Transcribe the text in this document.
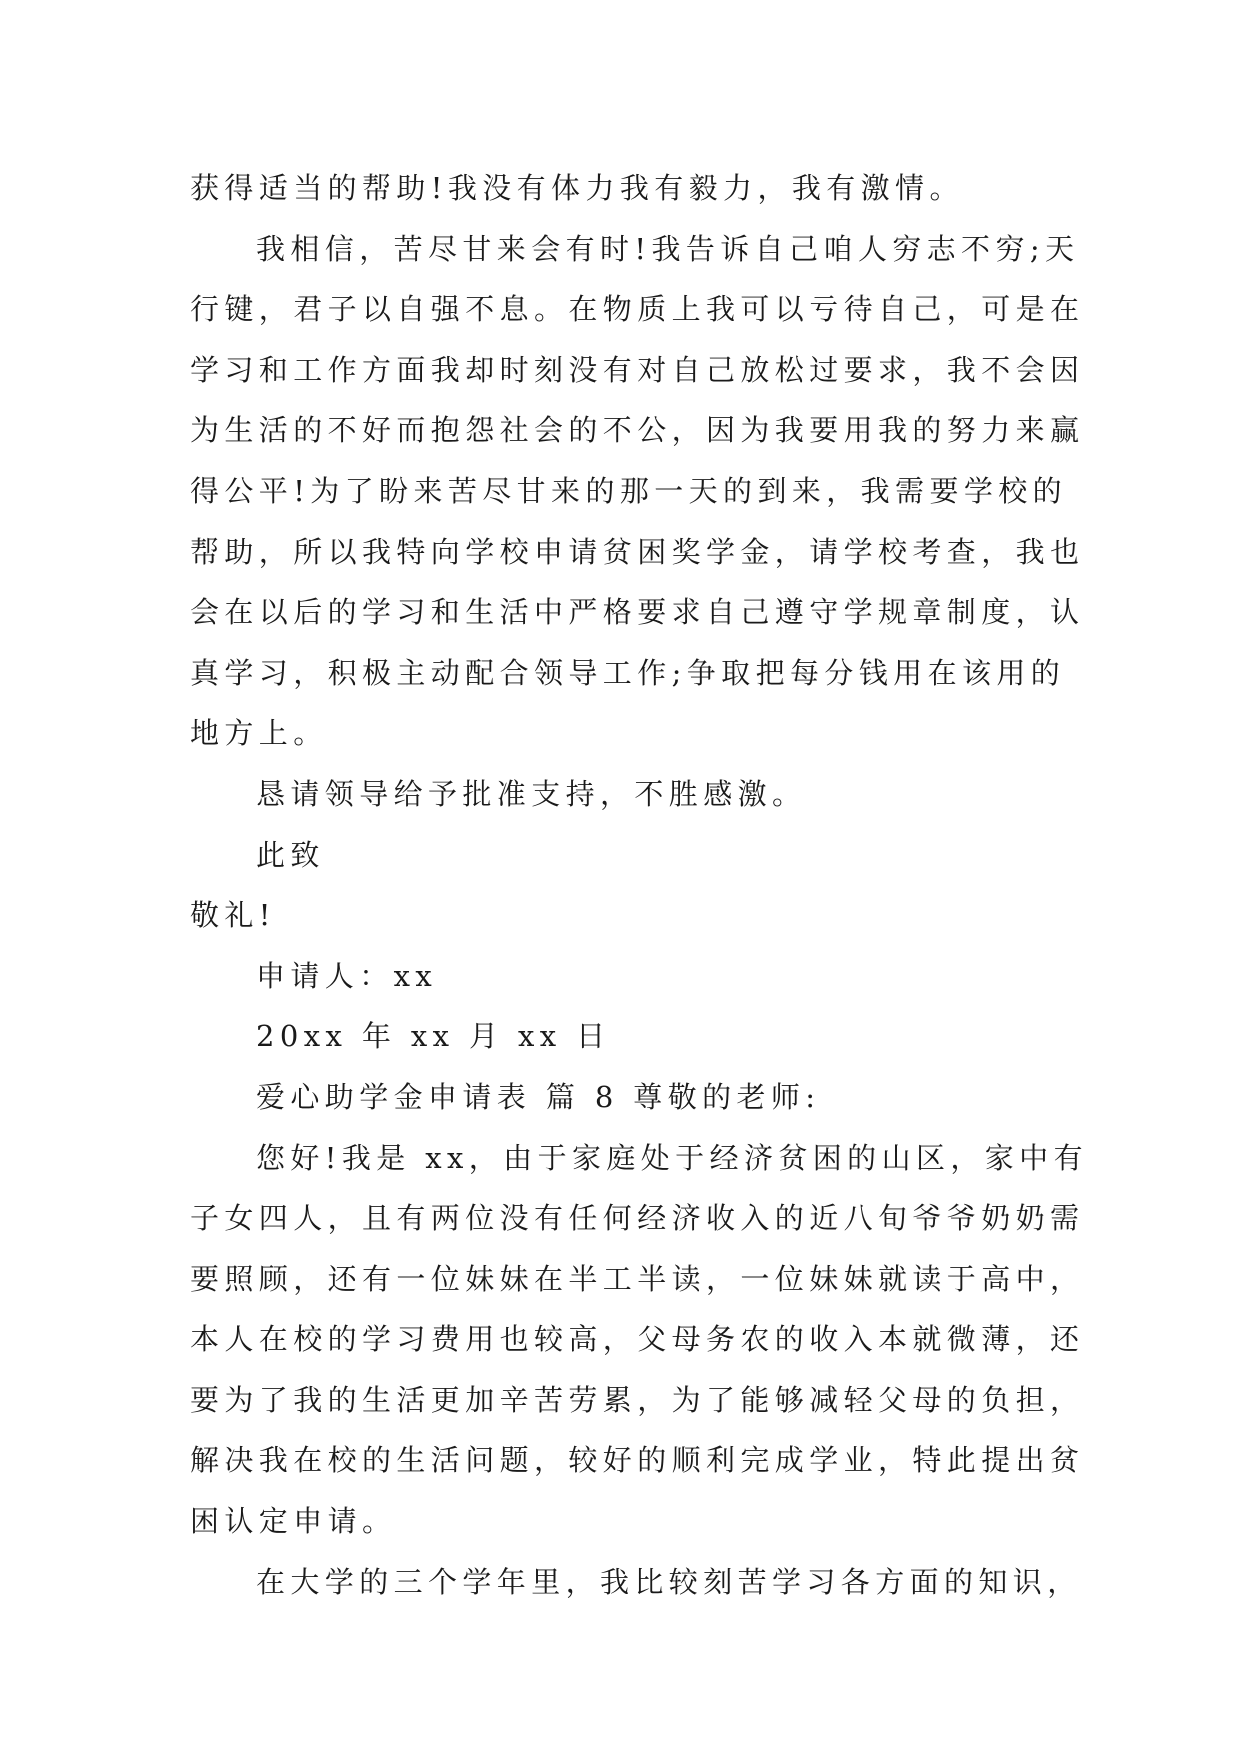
获得适当的帮助!我没有体力我有毅力，我有激情。
我相信，苦尽甘来会有时!我告诉自己咱人穷志不穷;天
行键，君子以自强不息。在物质上我可以亏待自己，可是在
学习和工作方面我却时刻没有对自己放松过要求，我不会因
为生活的不好而抱怨社会的不公，因为我要用我的努力来赢
得公平!为了盼来苦尽甘来的那一天的到来，我需要学校的
帮助，所以我特向学校申请贫困奖学金，请学校考查，我也
会在以后的学习和生活中严格要求自己遵守学规章制度，认
真学习，积极主动配合领导工作;争取把每分钱用在该用的
地方上。
恳请领导给予批准支持，不胜感激。
此致
敬礼!
申请人：xx
20xx 年 xx 月 xx 日
爱心助学金申请表 篇 8 尊敬的老师:
您好!我是 xx，由于家庭处于经济贫困的山区，家中有
子女四人，且有两位没有任何经济收入的近八旬爷爷奶奶需
要照顾，还有一位妹妹在半工半读，一位妹妹就读于高中，
本人在校的学习费用也较高，父母务农的收入本就微薄，还
要为了我的生活更加辛苦劳累，为了能够减轻父母的负担，
解决我在校的生活问题，较好的顺利完成学业，特此提出贫
困认定申请。
在大学的三个学年里，我比较刻苦学习各方面的知识，
